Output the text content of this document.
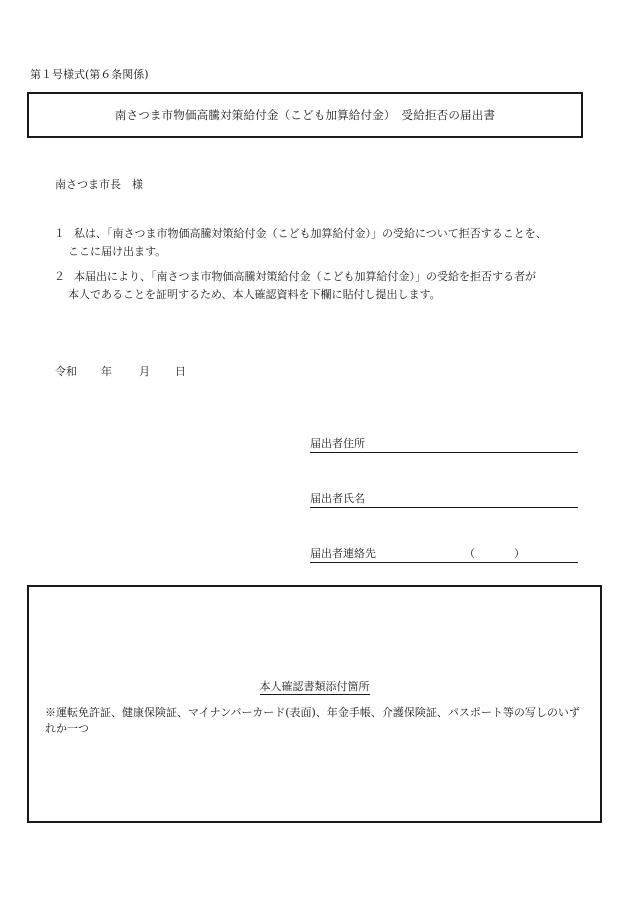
第１号様式(第６条関係)
南さつま市物価高騰対策給付金（こども加算給付金）　受給拒否の届出書
南さつま市長　様
１ 私は、「南さつま市物価高騰対策給付金（こども加算給付金）」の受給について拒否することを、
ここに届け出ます。
２ 本届出により、「南さつま市物価高騰対策給付金（こども加算給付金）」の受給を拒否する者が
本人であることを証明するため、本人確認資料を下欄に貼付し提出します。
令和	年	月	日
届出者住所
届出者氏名
届出者連絡先	（	）
本人確認書類添付箇所
※運転免許証、健康保険証、マイナンバーカード(表面)、年金手帳、介護保険証、パスポート等の写しのいずれか一つ
